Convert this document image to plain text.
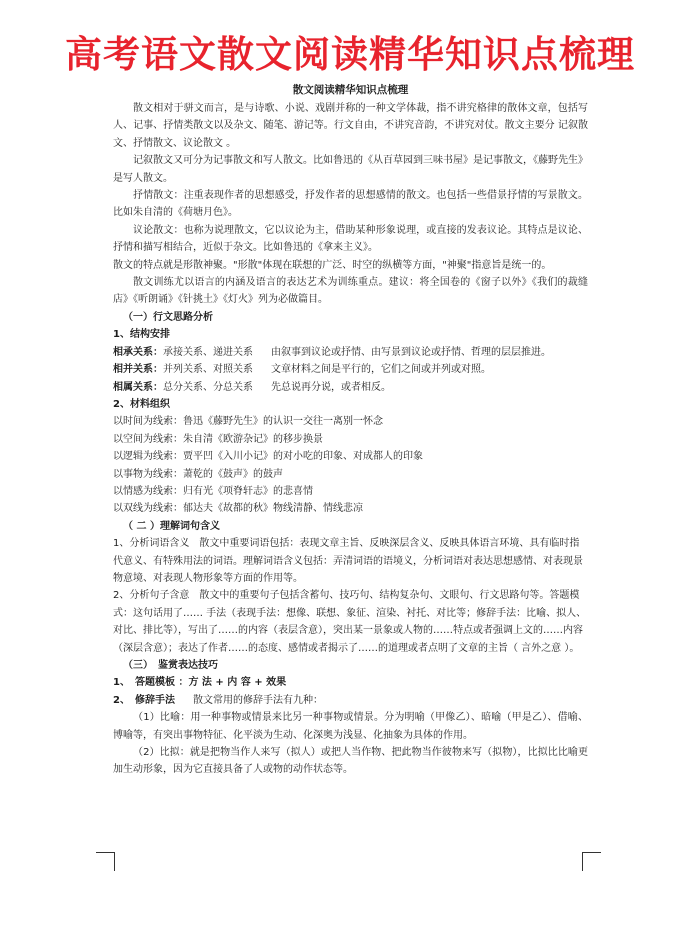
高考语文散文阅读精华知识点梳理
散文阅读精华知识点梳理

散文相对于骈文而言，是与诗歌、小说、戏剧并称的一种文学体裁，指不讲究格律的散体文章，包括写人、记事、抒情类散文以及杂文、随笔、游记等。行文自由，不讲究音韵，不讲究对仗。散文主要分 记叙散文、抒情散文、议论散文 。

记叙散文又可分为记事散文和写人散文。比如鲁迅的《从百草园到三味书屋》是记事散文，《藤野先生》是写人散文。

抒情散文：注重表现作者的思想感受，抒发作者的思想感情的散文。也包括一些借景抒情的写景散文。比如朱自清的《荷塘月色》。

议论散文：也称为说理散文，它以议论为主，借助某种形象说理，或直接的发表议论。其特点是议论、抒情和描写相结合，近似于杂文。比如鲁迅的《拿来主义》。

散文的特点就是形散神聚。"形散"体现在联想的广泛、时空的纵横等方面，"神聚"指意旨是统一的。

散文训练尤以语言的内涵及语言的表达艺术为训练重点。建议：将全国卷的《窗子以外》《我们的裁缝店》《听朗诵》《针挑土》《灯火》列为必做篇目。

（一）行文思路分析

1、结构安排

相承关系：承接关系、递进关系 由叙事到议论或抒情、由写景到议论或抒情、哲理的层层推进。

相并关系：并列关系、对照关系 文章材料之间是平行的，它们之间或并列或对照。

相属关系：总分关系、分总关系 先总说再分说，或者相反。

2、材料组织

以时间为线索：鲁迅《藤野先生》的认识一交往一离别一怀念

以空间为线索：朱自清《欧游杂记》的移步换景

以逻辑为线索：贾平凹《入川小记》的对小吃的印象、对成都人的印象

以事物为线索：萧乾的《鼓声》的鼓声

以情感为线索：归有光《项脊轩志》的悲喜情

以双线为线索：郁达夫《故都的秋》物线清静、情线悲凉

（ 二 ）理解词句含义

1、分析词语含义　散文中重要词语包括：表现文章主旨、反映深层含义、反映具体语言环境、具有临时指代意义、有特殊用法的词语。理解词语含义包括：弄清词语的语境义，分析词语对表达思想感情、对表现景物意境、对表现人物形象等方面的作用等。

2、分析句子含意　散文中的重要句子包括含蓄句、技巧句、结构复杂句、文眼句、行文思路句等。答题模式：这句话用了…… 手法（表现手法：想像、联想、象征、渲染、衬托、对比等；修辞手法：比喻、拟人、对比、排比等），写出了……的内容（表层含意），突出某一景象或人物的……特点或者强调上文的……内容（深层含意）；表达了作者……的态度、感情或者揭示了……的道理或者点明了文章的主旨（ 言外之意 ）。

（三）　鉴赏表达技巧

1、　答题模板 ：方 法 + 内 容 + 效果

2、　修辞手法 散文常用的修辞手法有九种：

（1）比喻：用一种事物或情景来比另一种事物或情景。分为明喻（甲像乙）、暗喻（甲是乙）、借喻、博喻等，有突出事物特征、化平淡为生动、化深奥为浅显、化抽象为具体的作用。

（2）比拟：就是把物当作人来写（拟人）或把人当作物、把此物当作彼物来写（拟物），比拟比比喻更加生动形象，因为它直接具备了人或物的动作状态等。
